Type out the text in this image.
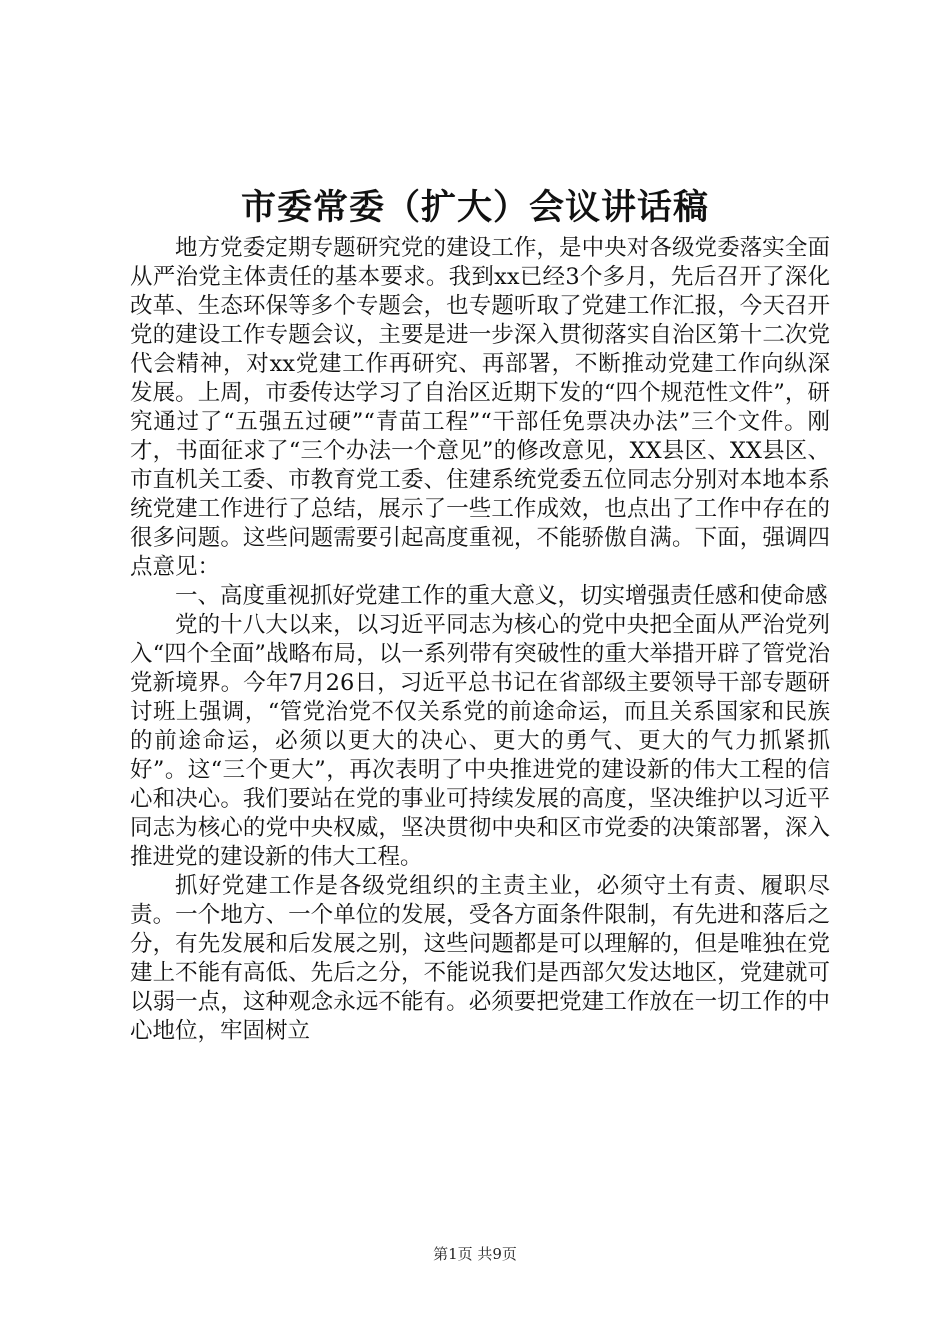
市委常委（扩大）会议讲话稿

地方党委定期专题研究党的建设工作，是中央对各级党委落实全面从严治党主体责任的基本要求。我到xx已经3个多月，先后召开了深化改革、生态环保等多个专题会，也专题听取了党建工作汇报，今天召开党的建设工作专题会议，主要是进一步深入贯彻落实自治区第十二次党代会精神，对xx党建工作再研究、再部署，不断推动党建工作向纵深发展。上周，市委传达学习了自治区近期下发的“四个规范性文件”，研究通过了“五强五过硬”“青苗工程”“干部任免票决办法”三个文件。刚才，书面征求了“三个办法一个意见”的修改意见，XX县区、XX县区、市直机关工委、市教育党工委、住建系统党委五位同志分别对本地本系统党建工作进行了总结，展示了一些工作成效，也点出了工作中存在的很多问题。这些问题需要引起高度重视，不能骄傲自满。下面，强调四点意见：

一、高度重视抓好党建工作的重大意义，切实增强责任感和使命感

党的十八大以来，以习近平同志为核心的党中央把全面从严治党列入“四个全面”战略布局，以一系列带有突破性的重大举措开辟了管党治党新境界。今年7月26日，习近平总书记在省部级主要领导干部专题研讨班上强调，“管党治党不仅关系党的前途命运，而且关系国家和民族的前途命运，必须以更大的决心、更大的勇气、更大的气力抓紧抓好”。这“三个更大”，再次表明了中央推进党的建设新的伟大工程的信心和决心。我们要站在党的事业可持续发展的高度，坚决维护以习近平同志为核心的党中央权威，坚决贯彻中央和区市党委的决策部署，深入推进党的建设新的伟大工程。

抓好党建工作是各级党组织的主责主业，必须守土有责、履职尽责。一个地方、一个单位的发展，受各方面条件限制，有先进和落后之分，有先发展和后发展之别，这些问题都是可以理解的，但是唯独在党建上不能有高低、先后之分，不能说我们是西部欠发达地区，党建就可以弱一点，这种观念永远不能有。必须要把党建工作放在一切工作的中心地位，牢固树立

第1页 共9页
